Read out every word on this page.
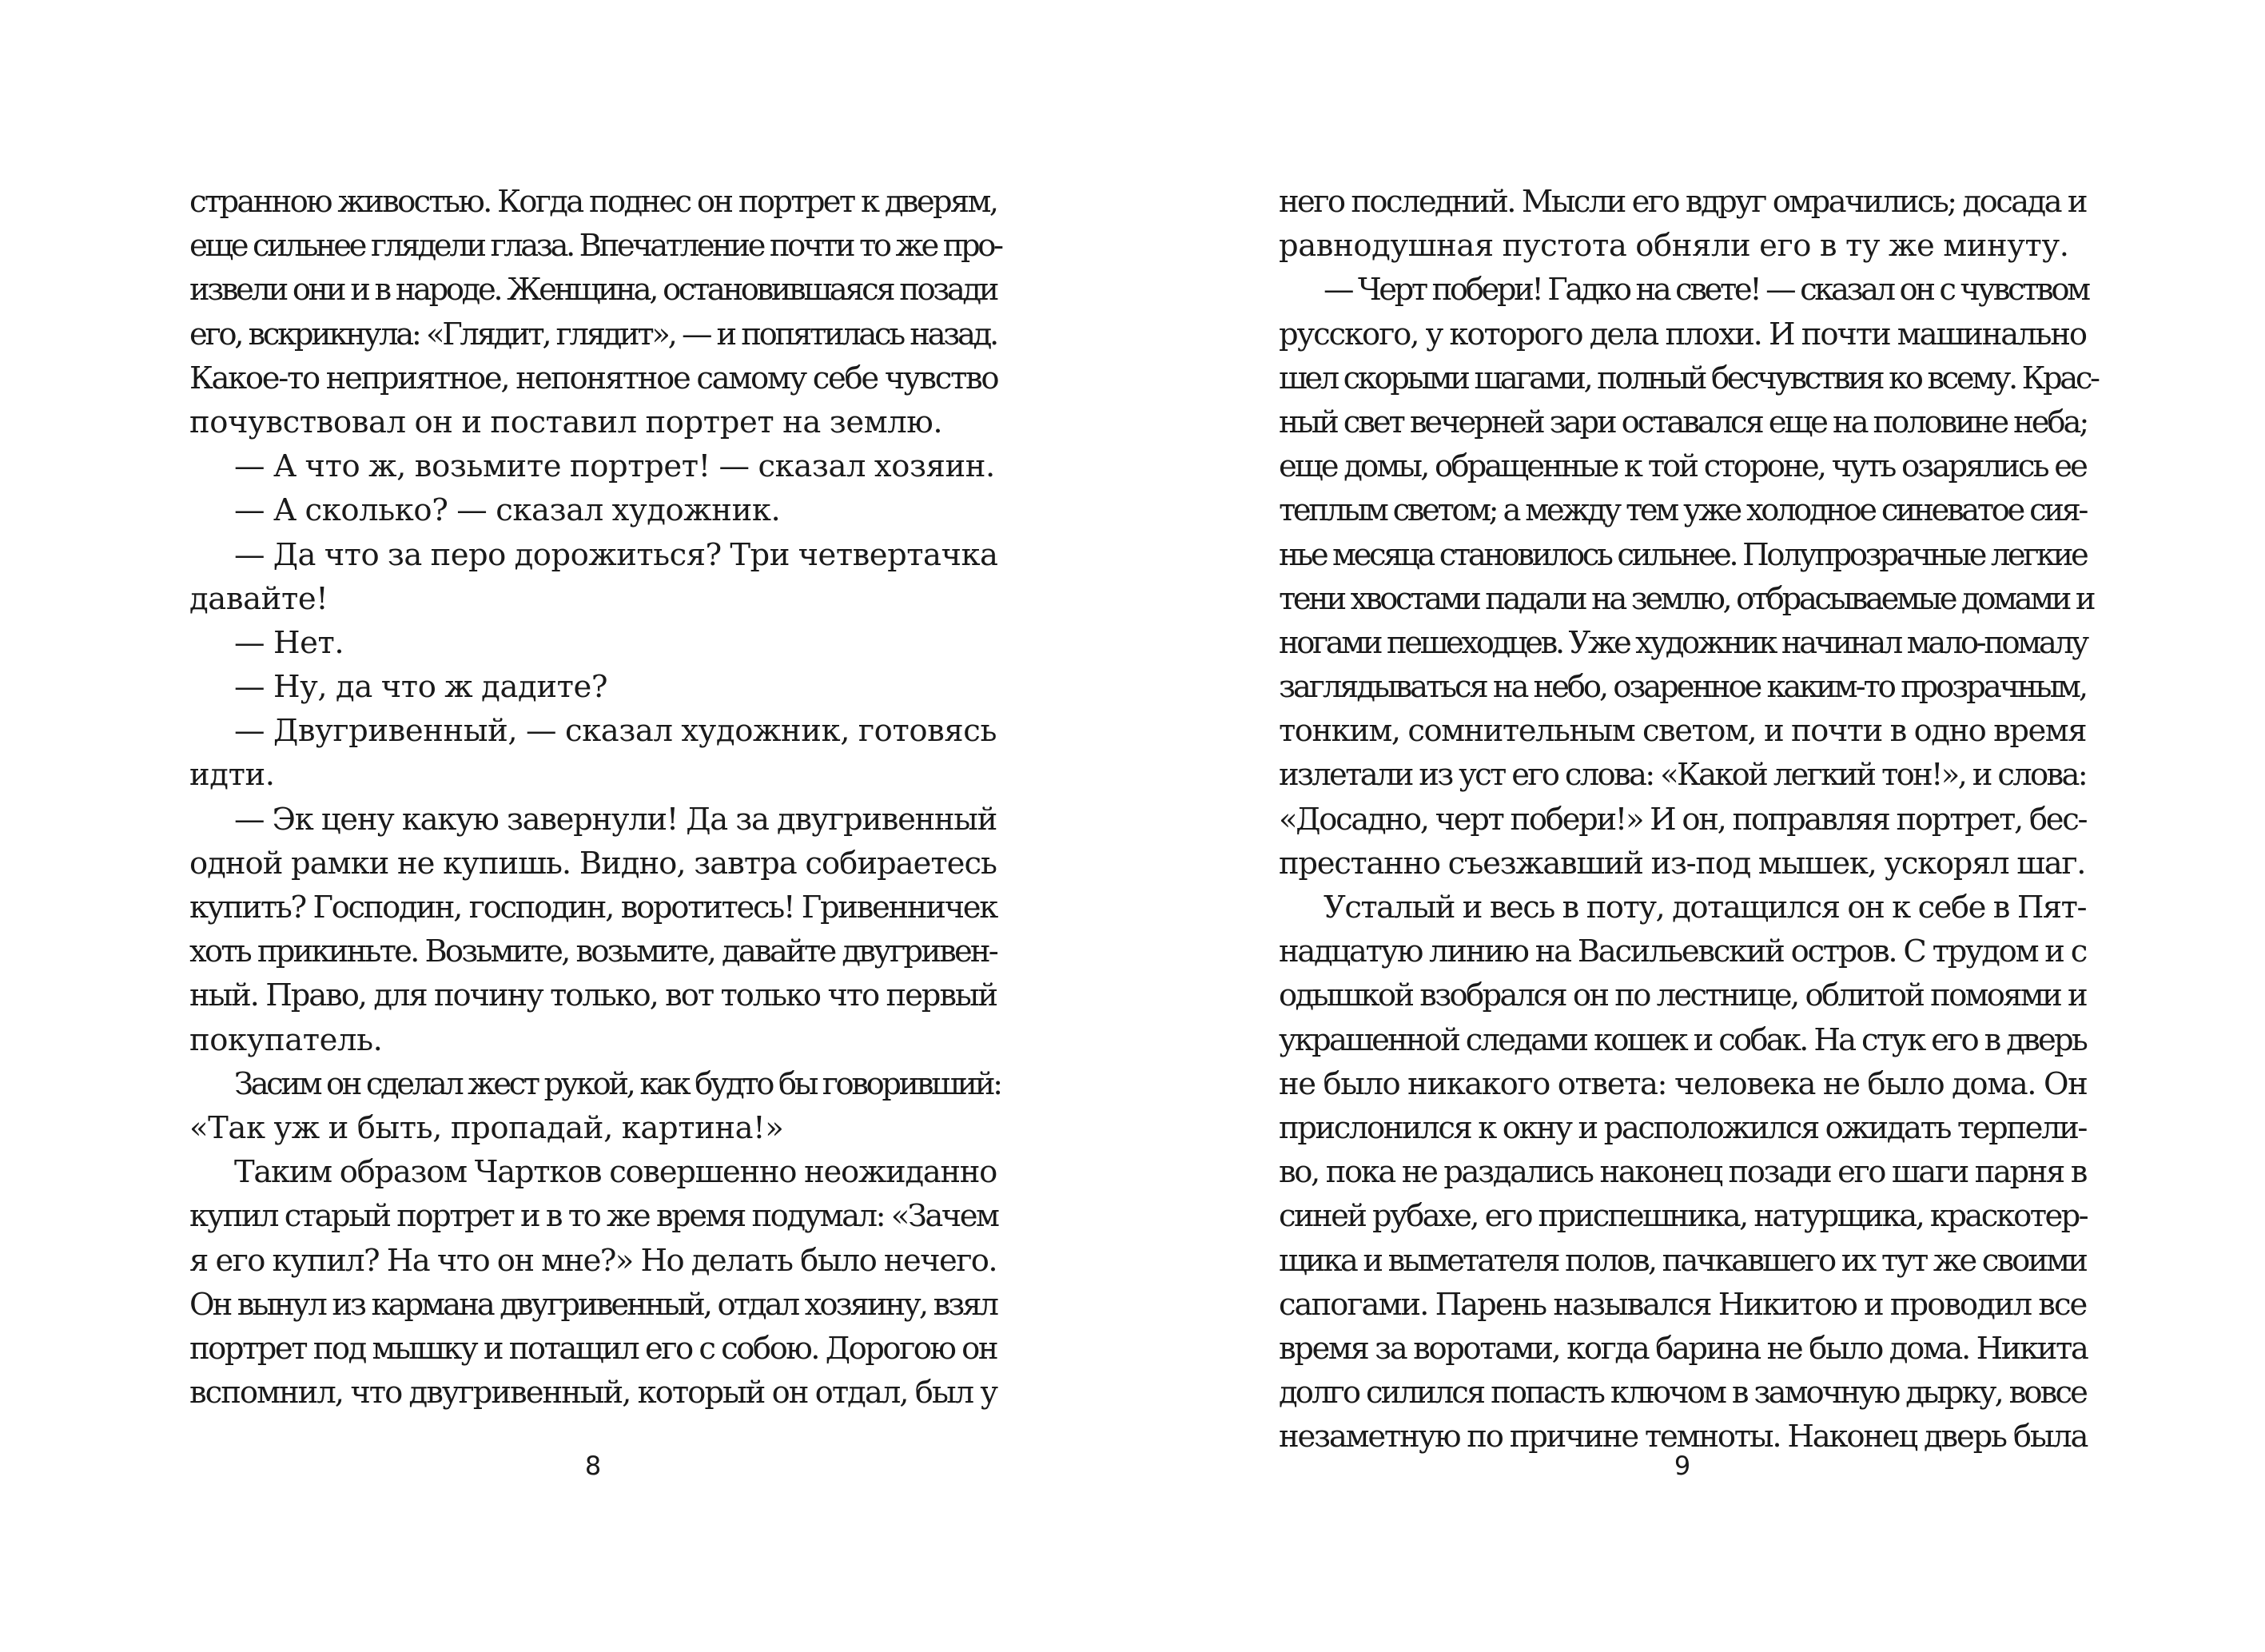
странною живостью. Когда поднес он портрет к дверям,
еще сильнее глядели глаза. Впечатление почти то же про-
извели они и в народе. Женщина, остановившаяся позади
его, вскрикнула: «Глядит, глядит», — и попятилась назад.
Какое-то неприятное, непонятное самому себе чувство
почувствовал он и поставил портрет на землю.
— А что ж, возьмите портрет! — сказал хозяин.
— А сколько? — сказал художник.
— Да что за перо дорожиться? Три четвертачка
давайте!
— Нет.
— Ну, да что ж дадите?
— Двугривенный, — сказал художник, готовясь
идти.
— Эк цену какую завернули! Да за двугривенный
одной рамки не купишь. Видно, завтра собираетесь
купить? Господин, господин, воротитесь! Гривенничек
хоть прикиньте. Возьмите, возьмите, давайте двугривен-
ный. Право, для почину только, вот только что первый
покупатель.
Засим он сделал жест рукой, как будто бы говоривший:
«Так уж и быть, пропадай, картина!»
Таким образом Чартков совершенно неожиданно
купил старый портрет и в то же время подумал: «Зачем
я его купил? На что он мне?» Но делать было нечего.
Он вынул из кармана двугривенный, отдал хозяину, взял
портрет под мышку и потащил его с собою. Дорогою он
вспомнил, что двугривенный, который он отдал, был у
8
него последний. Мысли его вдруг омрачились; досада и
равнодушная пустота обняли его в ту же минуту.
— Черт побери! Гадко на свете! — сказал он с чувством
русского, у которого дела плохи. И почти машинально
шел скорыми шагами, полный бесчувствия ко всему. Крас-
ный свет вечерней зари оставался еще на половине неба;
еще домы, обращенные к той стороне, чуть озарялись ее
теплым светом; а между тем уже холодное синеватое сия-
нье месяца становилось сильнее. Полупрозрачные легкие
тени хвостами падали на землю, отбрасываемые домами и
ногами пешеходцев. Уже художник начинал мало-помалу
заглядываться на небо, озаренное каким-то прозрачным,
тонким, сомнительным светом, и почти в одно время
излетали из уст его слова: «Какой легкий тон!», и слова:
«Досадно, черт побери!» И он, поправляя портрет, бес-
престанно съезжавший из-под мышек, ускорял шаг.
Усталый и весь в поту, дотащился он к себе в Пят-
надцатую линию на Васильевский остров. С трудом и с
одышкой взобрался он по лестнице, облитой помоями и
украшенной следами кошек и собак. На стук его в дверь
не было никакого ответа: человека не было дома. Он
прислонился к окну и расположился ожидать терпели-
во, пока не раздались наконец позади его шаги парня в
синей рубахе, его приспешника, натурщика, краскотер-
щика и выметателя полов, пачкавшего их тут же своими
сапогами. Парень назывался Никитою и проводил все
время за воротами, когда барина не было дома. Никита
долго силился попасть ключом в замочную дырку, вовсе
незаметную по причине темноты. Наконец дверь была
9
